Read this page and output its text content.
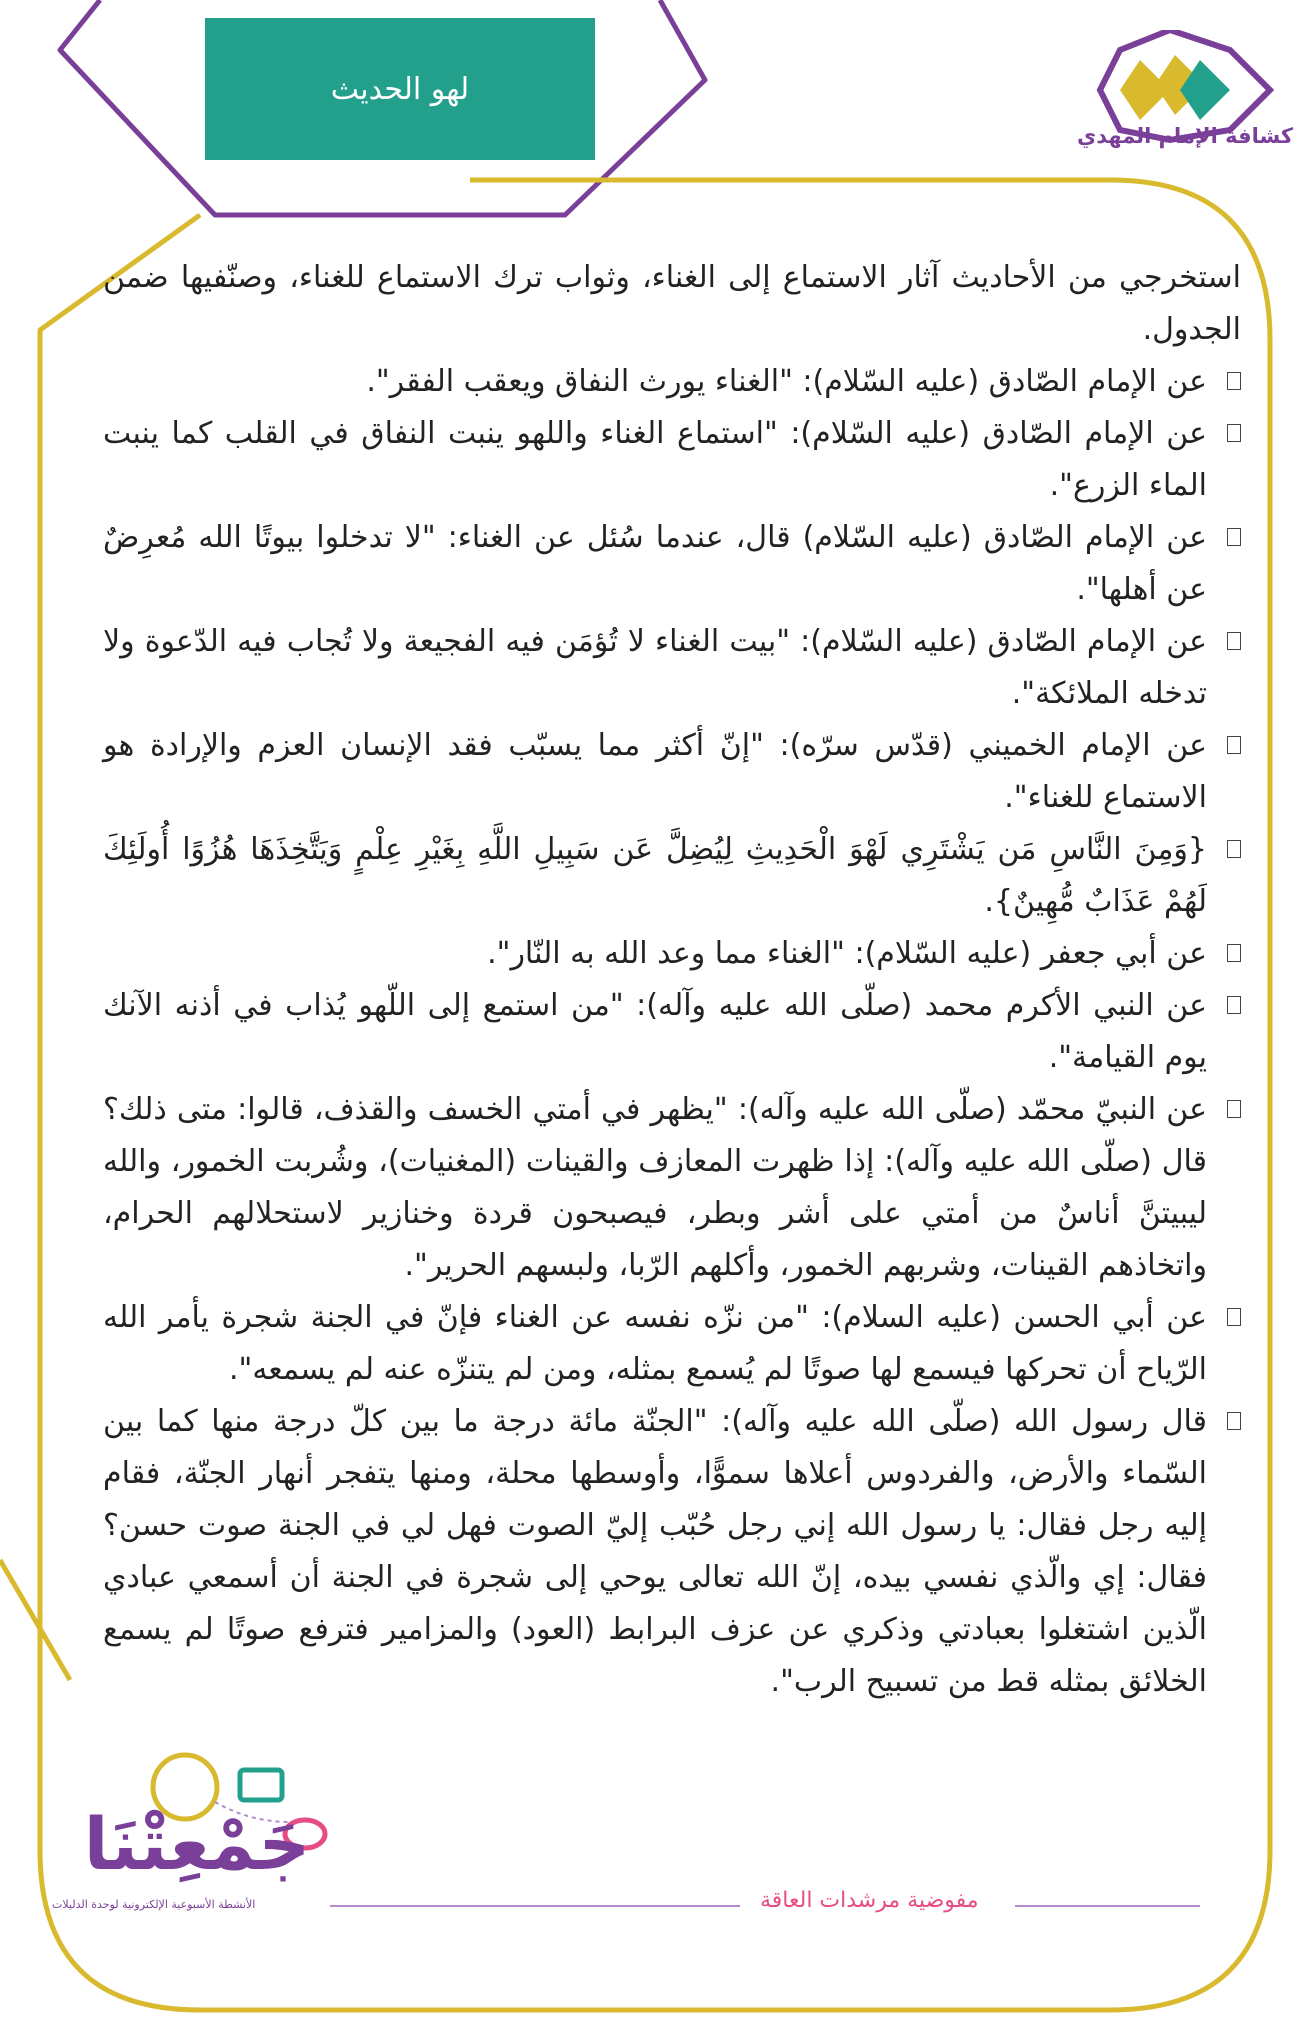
لهو الحديث
كشافة الإمام المهدي

استخرجي من الأحاديث آثار الاستماع إلى الغناء، وثواب ترك الاستماع للغناء، وصنّفيها ضمن الجدول.

عن الإمام الصّادق (عليه السّلام): "الغناء يورث النفاق ويعقب الفقر".
عن الإمام الصّادق (عليه السّلام): "استماع الغناء واللهو ينبت النفاق في القلب كما ينبت الماء الزرع".
عن الإمام الصّادق (عليه السّلام) قال، عندما سُئل عن الغناء: "لا تدخلوا بيوتًا الله مُعرِضٌ عن أهلها".
عن الإمام الصّادق (عليه السّلام): "بيت الغناء لا تُؤمَن فيه الفجيعة ولا تُجاب فيه الدّعوة ولا تدخله الملائكة".
عن الإمام الخميني (قدّس سرّه): "إنّ أكثر مما يسبّب فقد الإنسان العزم والإرادة هو الاستماع للغناء".
{وَمِنَ النَّاسِ مَن يَشْتَرِي لَهْوَ الْحَدِيثِ لِيُضِلَّ عَن سَبِيلِ اللَّهِ بِغَيْرِ عِلْمٍ وَيَتَّخِذَهَا هُزُوًا أُولَئِكَ لَهُمْ عَذَابٌ مُّهِينٌ}.
عن أبي جعفر (عليه السّلام): "الغناء مما وعد الله به النّار".
عن النبي الأكرم محمد (صلّى الله عليه وآله): "من استمع إلى اللّهو يُذاب في أذنه الآنك يوم القيامة".
عن النبيّ محمّد (صلّى الله عليه وآله): "يظهر في أمتي الخسف والقذف، قالوا: متى ذلك؟ قال (صلّى الله عليه وآله): إذا ظهرت المعازف والقينات (المغنيات)، وشُربت الخمور، والله ليبيتنَّ أناسٌ من أمتي على أشر وبطر، فيصبحون قردة وخنازير لاستحلالهم الحرام، واتخاذهم القينات، وشربهم الخمور، وأكلهم الرّبا، ولبسهم الحرير".
عن أبي الحسن (عليه السلام): "من نزّه نفسه عن الغناء فإنّ في الجنة شجرة يأمر الله الرّياح أن تحركها فيسمع لها صوتًا لم يُسمع بمثله، ومن لم يتنزّه عنه لم يسمعه".
قال رسول الله (صلّى الله عليه وآله): "الجنّة مائة درجة ما بين كلّ درجة منها كما بين السّماء والأرض، والفردوس أعلاها سموًّا، وأوسطها محلة، ومنها يتفجر أنهار الجنّة، فقام إليه رجل فقال: يا رسول الله إني رجل حُبّب إليّ الصوت فهل لي في الجنة صوت حسن؟ فقال: إي والّذي نفسي بيده، إنّ الله تعالى يوحي إلى شجرة في الجنة أن أسمعي عبادي الّذين اشتغلوا بعبادتي وذكري عن عزف البرابط (العود) والمزامير فترفع صوتًا لم يسمع الخلائق بمثله قط من تسبيح الرب".
جَمْعِتْنَا
الأنشطة الأسبوعية الإلكترونية لوحدة الدليلات	مفوضية مرشدات العاقة
